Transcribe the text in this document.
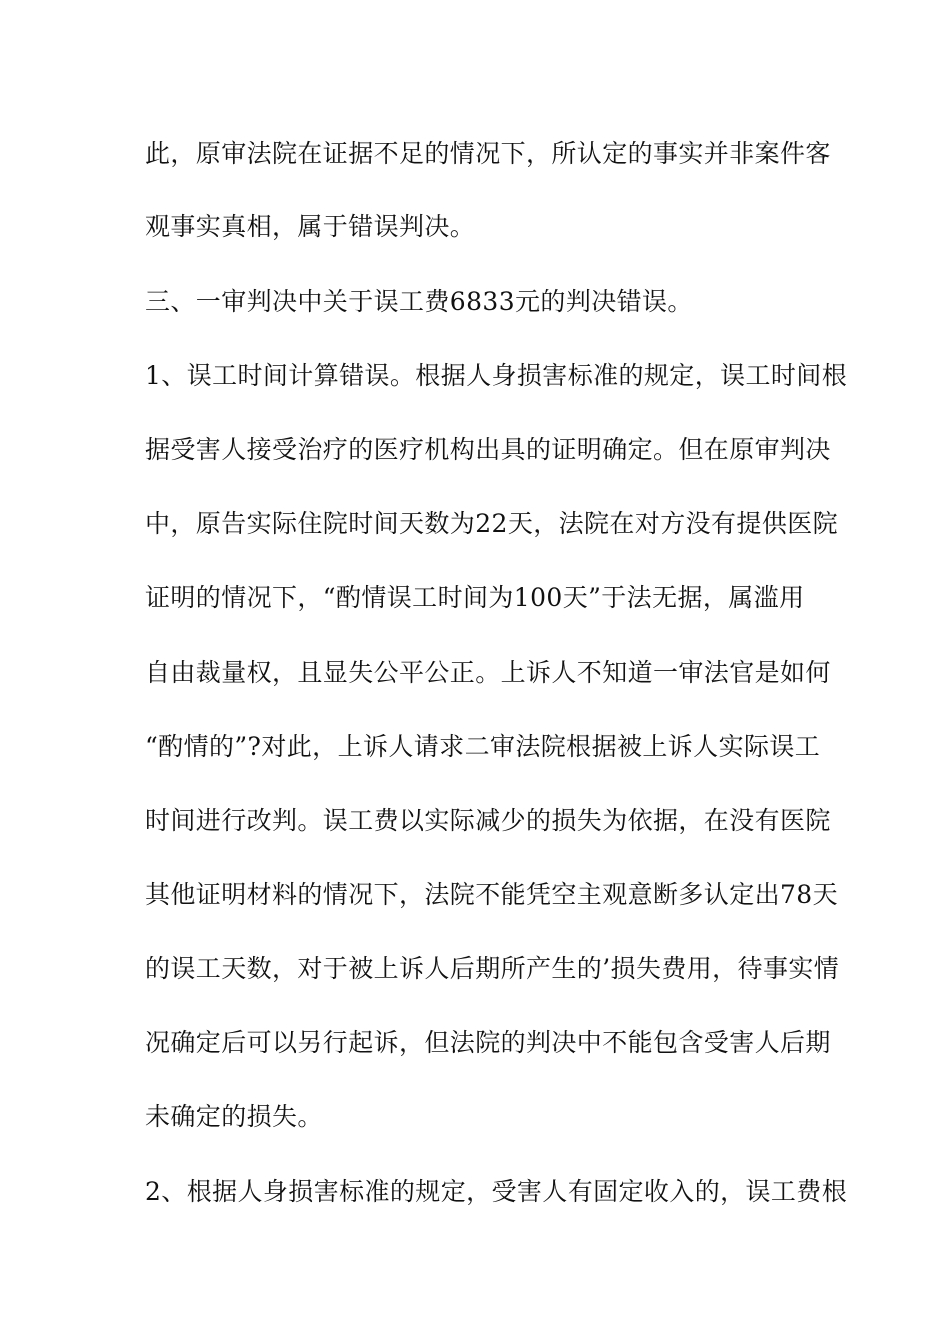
此，原审法院在证据不足的情况下，所认定的事实并非案件客
观事实真相，属于错误判决。
三、一审判决中关于误工费6833元的判决错误。
1、误工时间计算错误。根据人身损害标准的规定，误工时间根
据受害人接受治疗的医疗机构出具的证明确定。但在原审判决
中，原告实际住院时间天数为22天，法院在对方没有提供医院
证明的情况下，“酌情误工时间为100天”于法无据，属滥用
自由裁量权，且显失公平公正。上诉人不知道一审法官是如何
“酌情的”?对此，上诉人请求二审法院根据被上诉人实际误工
时间进行改判。误工费以实际减少的损失为依据，在没有医院
其他证明材料的情况下，法院不能凭空主观意断多认定出78天
的误工天数，对于被上诉人后期所产生的’损失费用，待事实情
况确定后可以另行起诉，但法院的判决中不能包含受害人后期
未确定的损失。
2、根据人身损害标准的规定，受害人有固定收入的，误工费根
